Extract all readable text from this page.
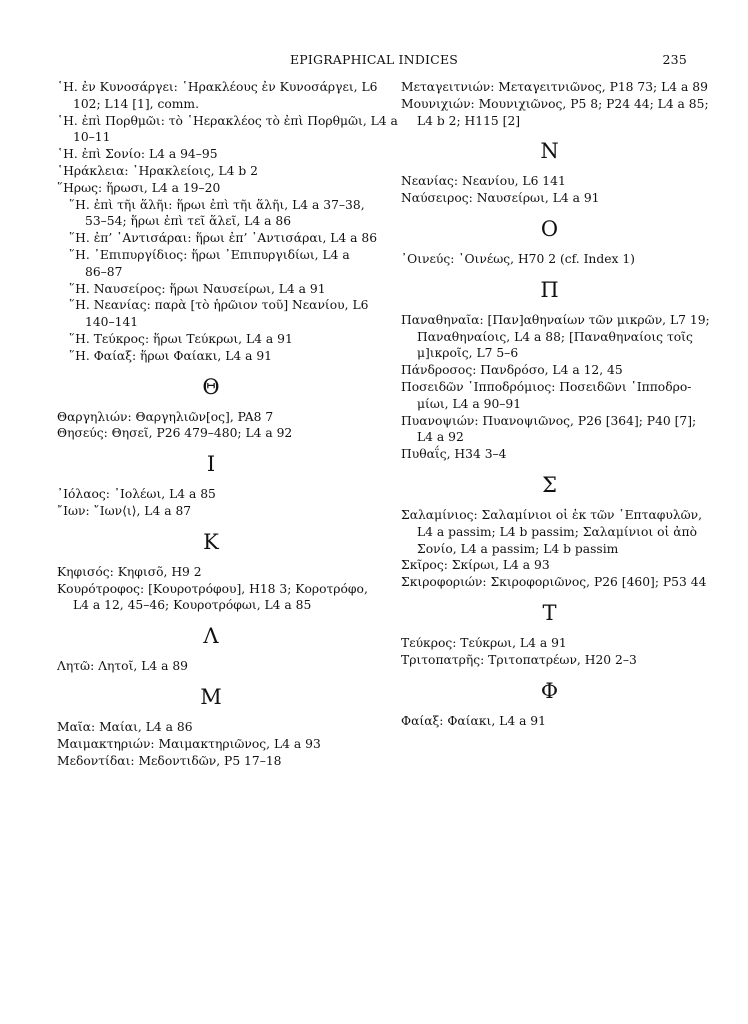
EPIGRAPHICAL INDICES	235
῾Η. ἐν Κυνοσάργει: ῾Ηρακλέους ἐν Κυνοσάργει, L6
102; L14 [1], comm.
῾Η. ἐπὶ Πορθμῶι: τὸ ῾Ηερακλέος τὸ ἐπὶ Πορθμῶι, L4 a
10–11
῾Η. ἐπὶ Σονίο: L4 a 94–95
῾Ηράκλεια: ῾Ηρακλείοις, L4 b 2
῞Ηρως: ἥρωσι, L4 a 19–20
῞Η. ἐπὶ τῆι ἅλῆι: ἥρωι ἐπὶ τῆι ἅλῆι, L4 a 37–38,
53–54; ἥρωι ἐπὶ τεῖ ἅλεῖ, L4 a 86
῞Η. ἐπ’ ᾿Αντισάραι: ἥρωι ἐπ’ ᾿Αντισάραι, L4 a 86
῞Η. ᾿Επιπυργίδιος: ἥρωι ᾿Επιπυργιδίωι, L4 a
86–87
῞Η. Ναυσείρος: ἥρωι Ναυσείρωι, L4 a 91
῞Η. Νεανίας: παρὰ [τὸ ἡρῶιον τοῦ] Νεανίου, L6
140–141
῞Η. Τεύκρος: ἥρωι Τεύκρωι, L4 a 91
῞Η. Φαίαξ: ἥρωι Φαίακι, L4 a 91
Θ
Θαργηλιών: Θαργηλιῶν[ος], PA8 7
Θησεύς: Θησεῖ, P26 479–480; L4 a 92
Ι
᾿Ιόλαος: ᾿Ιολέωι, L4 a 85
῎Ιων: ῎Ιων⟨ι⟩, L4 a 87
Κ
Κηφισός: Κηφισõ, H9 2
Κουρότροφος: [Κουροτρόφου], H18 3; Κοροτρόφο,
L4 a 12, 45–46; Κουροτρόφωι, L4 a 85
Λ
Λητῶ: Λητοῖ, L4 a 89
Μ
Μαῖα: Μαίαι, L4 a 86
Μαιμακτηριών: Μαιμακτηριῶνος, L4 a 93
Μεδοντίδαι: Μεδοντιδῶν, P5 17–18
Μεταγειτνιών: Μεταγειτνιῶνος, P18 73; L4 a 89
Μουνιχιών: Μουνιχιῶνος, P5 8; P24 44; L4 a 85;
L4 b 2; H115 [2]
Ν
Νεανίας: Νεανίου, L6 141
Ναύσειρος: Ναυσείρωι, L4 a 91
Ο
᾿Οινεύς: ᾿Οινέως, H70 2 (cf. Index 1)
Π
Παναθηναῖα: [Παν]αθηναίων τῶν μικρῶν, L7 19;
Παναθηναίοις, L4 a 88; [Παναθηναίοις τοῖς
μ]ικροῖς, L7 5–6
Πάνδροσος: Πανδρόσο, L4 a 12, 45
Ποσειδῶν ῾Ιπποδρόμιος: Ποσειδῶνι ῾Ιπποδρο-
μίωι, L4 a 90–91
Πυανοψιών: Πυανοψιῶνος, P26 [364]; P40 [7];
L4 a 92
Πυθαΐς, H34 3–4
Σ
Σαλαμίνιος: Σαλαμίνιοι οἱ ἐκ τῶν ῾Επταφυλῶν,
L4 a passim; L4 b passim; Σαλαμίνιοι οἱ ἀπὸ
Σονίο, L4 a passim; L4 b passim
Σκῖρος: Σκίρωι, L4 a 93
Σκιροφοριών: Σκιροφοριῶνος, P26 [460]; P53 44
Τ
Τεύκρος: Τεύκρωι, L4 a 91
Τριτοπατρῆς: Τριτοπατρέων, H20 2–3
Φ
Φαίαξ: Φαίακι, L4 a 91
